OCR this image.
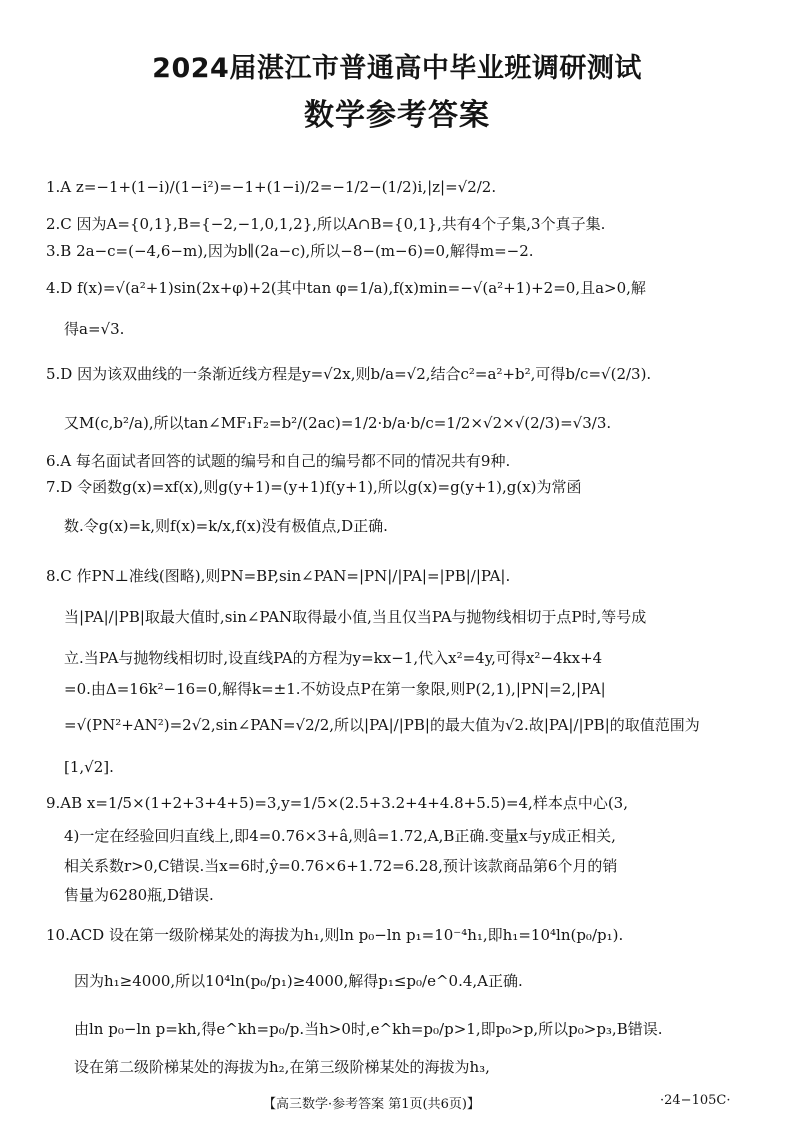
2024届湛江市普通高中毕业班调研测试
数学参考答案
1.A z=−1+(1−i)/(1−i²)=−1+(1−i)/2=−1/2−(1/2)i,|z|=√2/2.
2.C 因为A={0,1},B={−2,−1,0,1,2},所以A∩B={0,1},共有4个子集,3个真子集.
3.B 2a−c=(−4,6−m),因为b∥(2a−c),所以−8−(m−6)=0,解得m=−2.
4.D f(x)=√(a²+1)sin(2x+φ)+2(其中tan φ=1/a),f(x)min=−√(a²+1)+2=0,且a>0,解
得a=√3.
5.D 因为该双曲线的一条渐近线方程是y=√2x,则b/a=√2,结合c²=a²+b²,可得b/c=√(2/3).
又M(c,b²/a),所以tan∠MF₁F₂=b²/(2ac)=1/2·b/a·b/c=1/2×√2×√(2/3)=√3/3.
6.A 每名面试者回答的试题的编号和自己的编号都不同的情况共有9种.
7.D 令函数g(x)=xf(x),则g(y+1)=(y+1)f(y+1),所以g(x)=g(y+1),g(x)为常函
数.令g(x)=k,则f(x)=k/x,f(x)没有极值点,D正确.
8.C 作PN⊥准线(图略),则PN=BP,sin∠PAN=|PN|/|PA|=|PB|/|PA|.
当|PA|/|PB|取最大值时,sin∠PAN取得最小值,当且仅当PA与抛物线相切于点P时,等号成
立.当PA与抛物线相切时,设直线PA的方程为y=kx−1,代入x²=4y,可得x²−4kx+4
=0.由Δ=16k²−16=0,解得k=±1.不妨设点P在第一象限,则P(2,1),|PN|=2,|PA|
=√(PN²+AN²)=2√2,sin∠PAN=√2/2,所以|PA|/|PB|的最大值为√2.故|PA|/|PB|的取值范围为
[1,√2].
9.AB x=1/5×(1+2+3+4+5)=3,y=1/5×(2.5+3.2+4+4.8+5.5)=4,样本点中心(3,
4)一定在经验回归直线上,即4=0.76×3+â,则â=1.72,A,B正确.变量x与y成正相关,
相关系数r>0,C错误.当x=6时,ŷ=0.76×6+1.72=6.28,预计该款商品第6个月的销
售量为6280瓶,D错误.
10.ACD 设在第一级阶梯某处的海拔为h₁,则ln p₀−ln p₁=10⁻⁴h₁,即h₁=10⁴ln(p₀/p₁).
因为h₁≥4000,所以10⁴ln(p₀/p₁)≥4000,解得p₁≤p₀/e^0.4,A正确.
由ln p₀−ln p=kh,得e^kh=p₀/p.当h>0时,e^kh=p₀/p>1,即p₀>p,所以p₀>p₃,B错误.
设在第二级阶梯某处的海拔为h₂,在第三级阶梯某处的海拔为h₃,
【高三数学·参考答案 第1页(共6页)】	·24−105C·
